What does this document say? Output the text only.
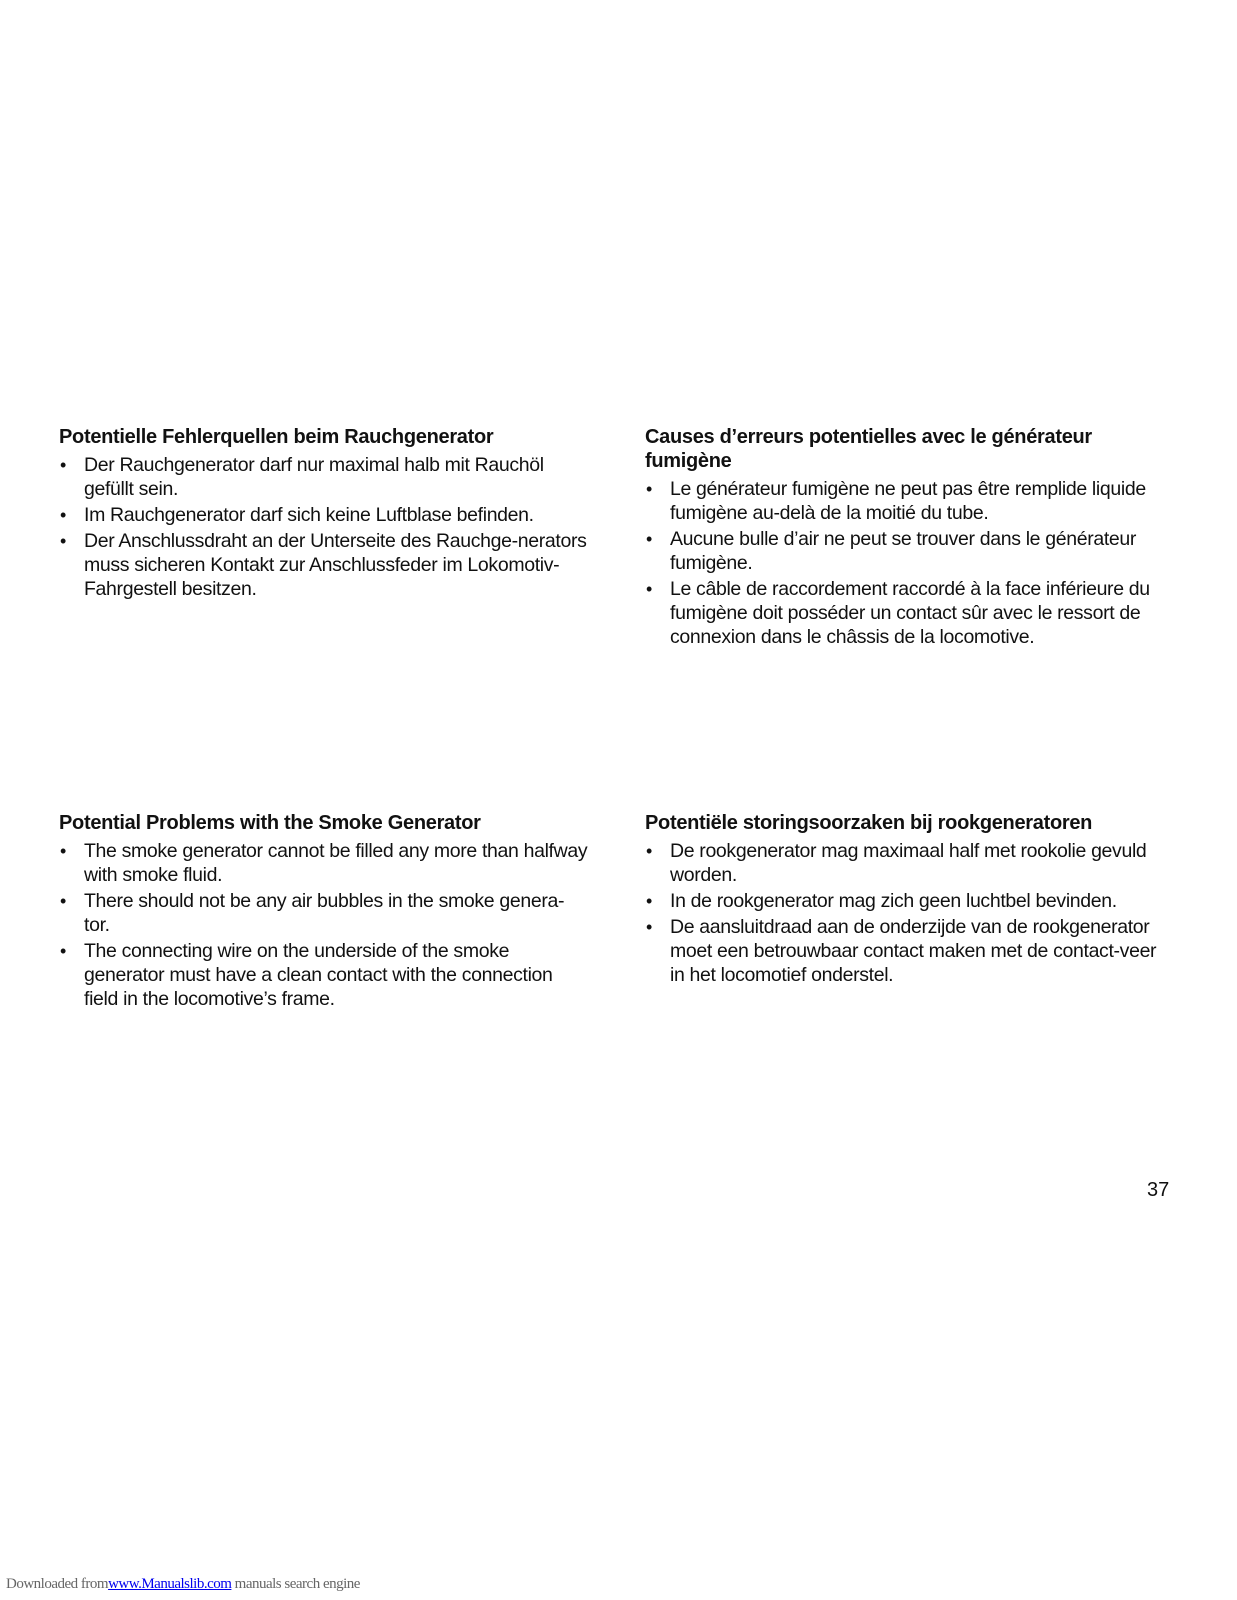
Potentielle Fehlerquellen beim Rauchgenerator
• Der Rauchgenerator darf nur maximal halb mit Rauchöl gefüllt sein.
• Im Rauchgenerator darf sich keine Luftblase befinden.
• Der Anschlussdraht an der Unterseite des Rauchge-nerators muss sicheren Kontakt zur Anschlussfeder im Lokomotiv-Fahrgestell besitzen.
Causes d’erreurs potentielles avec le générateur fumigène
• Le générateur fumigène ne peut pas être remplide liquide fumigène au-delà de la moitié du tube.
• Aucune bulle d’air ne peut se trouver dans le générateur fumigène.
• Le câble de raccordement raccordé à la face inférieure du fumigène doit posséder un contact sûr avec le ressort de connexion dans le châssis de la locomotive.
Potential Problems with the Smoke Generator
• The smoke generator cannot be filled any more than halfway with smoke fluid.
• There should not be any air bubbles in the smoke genera-tor.
• The connecting wire on the underside of the smoke generator must have a clean contact with the connection field in the locomotive’s frame.
Potentiële storingsoorzaken bij rookgeneratoren
• De rookgenerator mag maximaal half met rookolie gevuld worden.
• In de rookgenerator mag zich geen luchtbel bevinden.
• De aansluitdraad aan de onderzijde van de rookgenerator moet een betrouwbaar contact maken met de contact-veer in het locomotief onderstel.
37
Downloaded fromwww.Manualslib.com manuals search engine
